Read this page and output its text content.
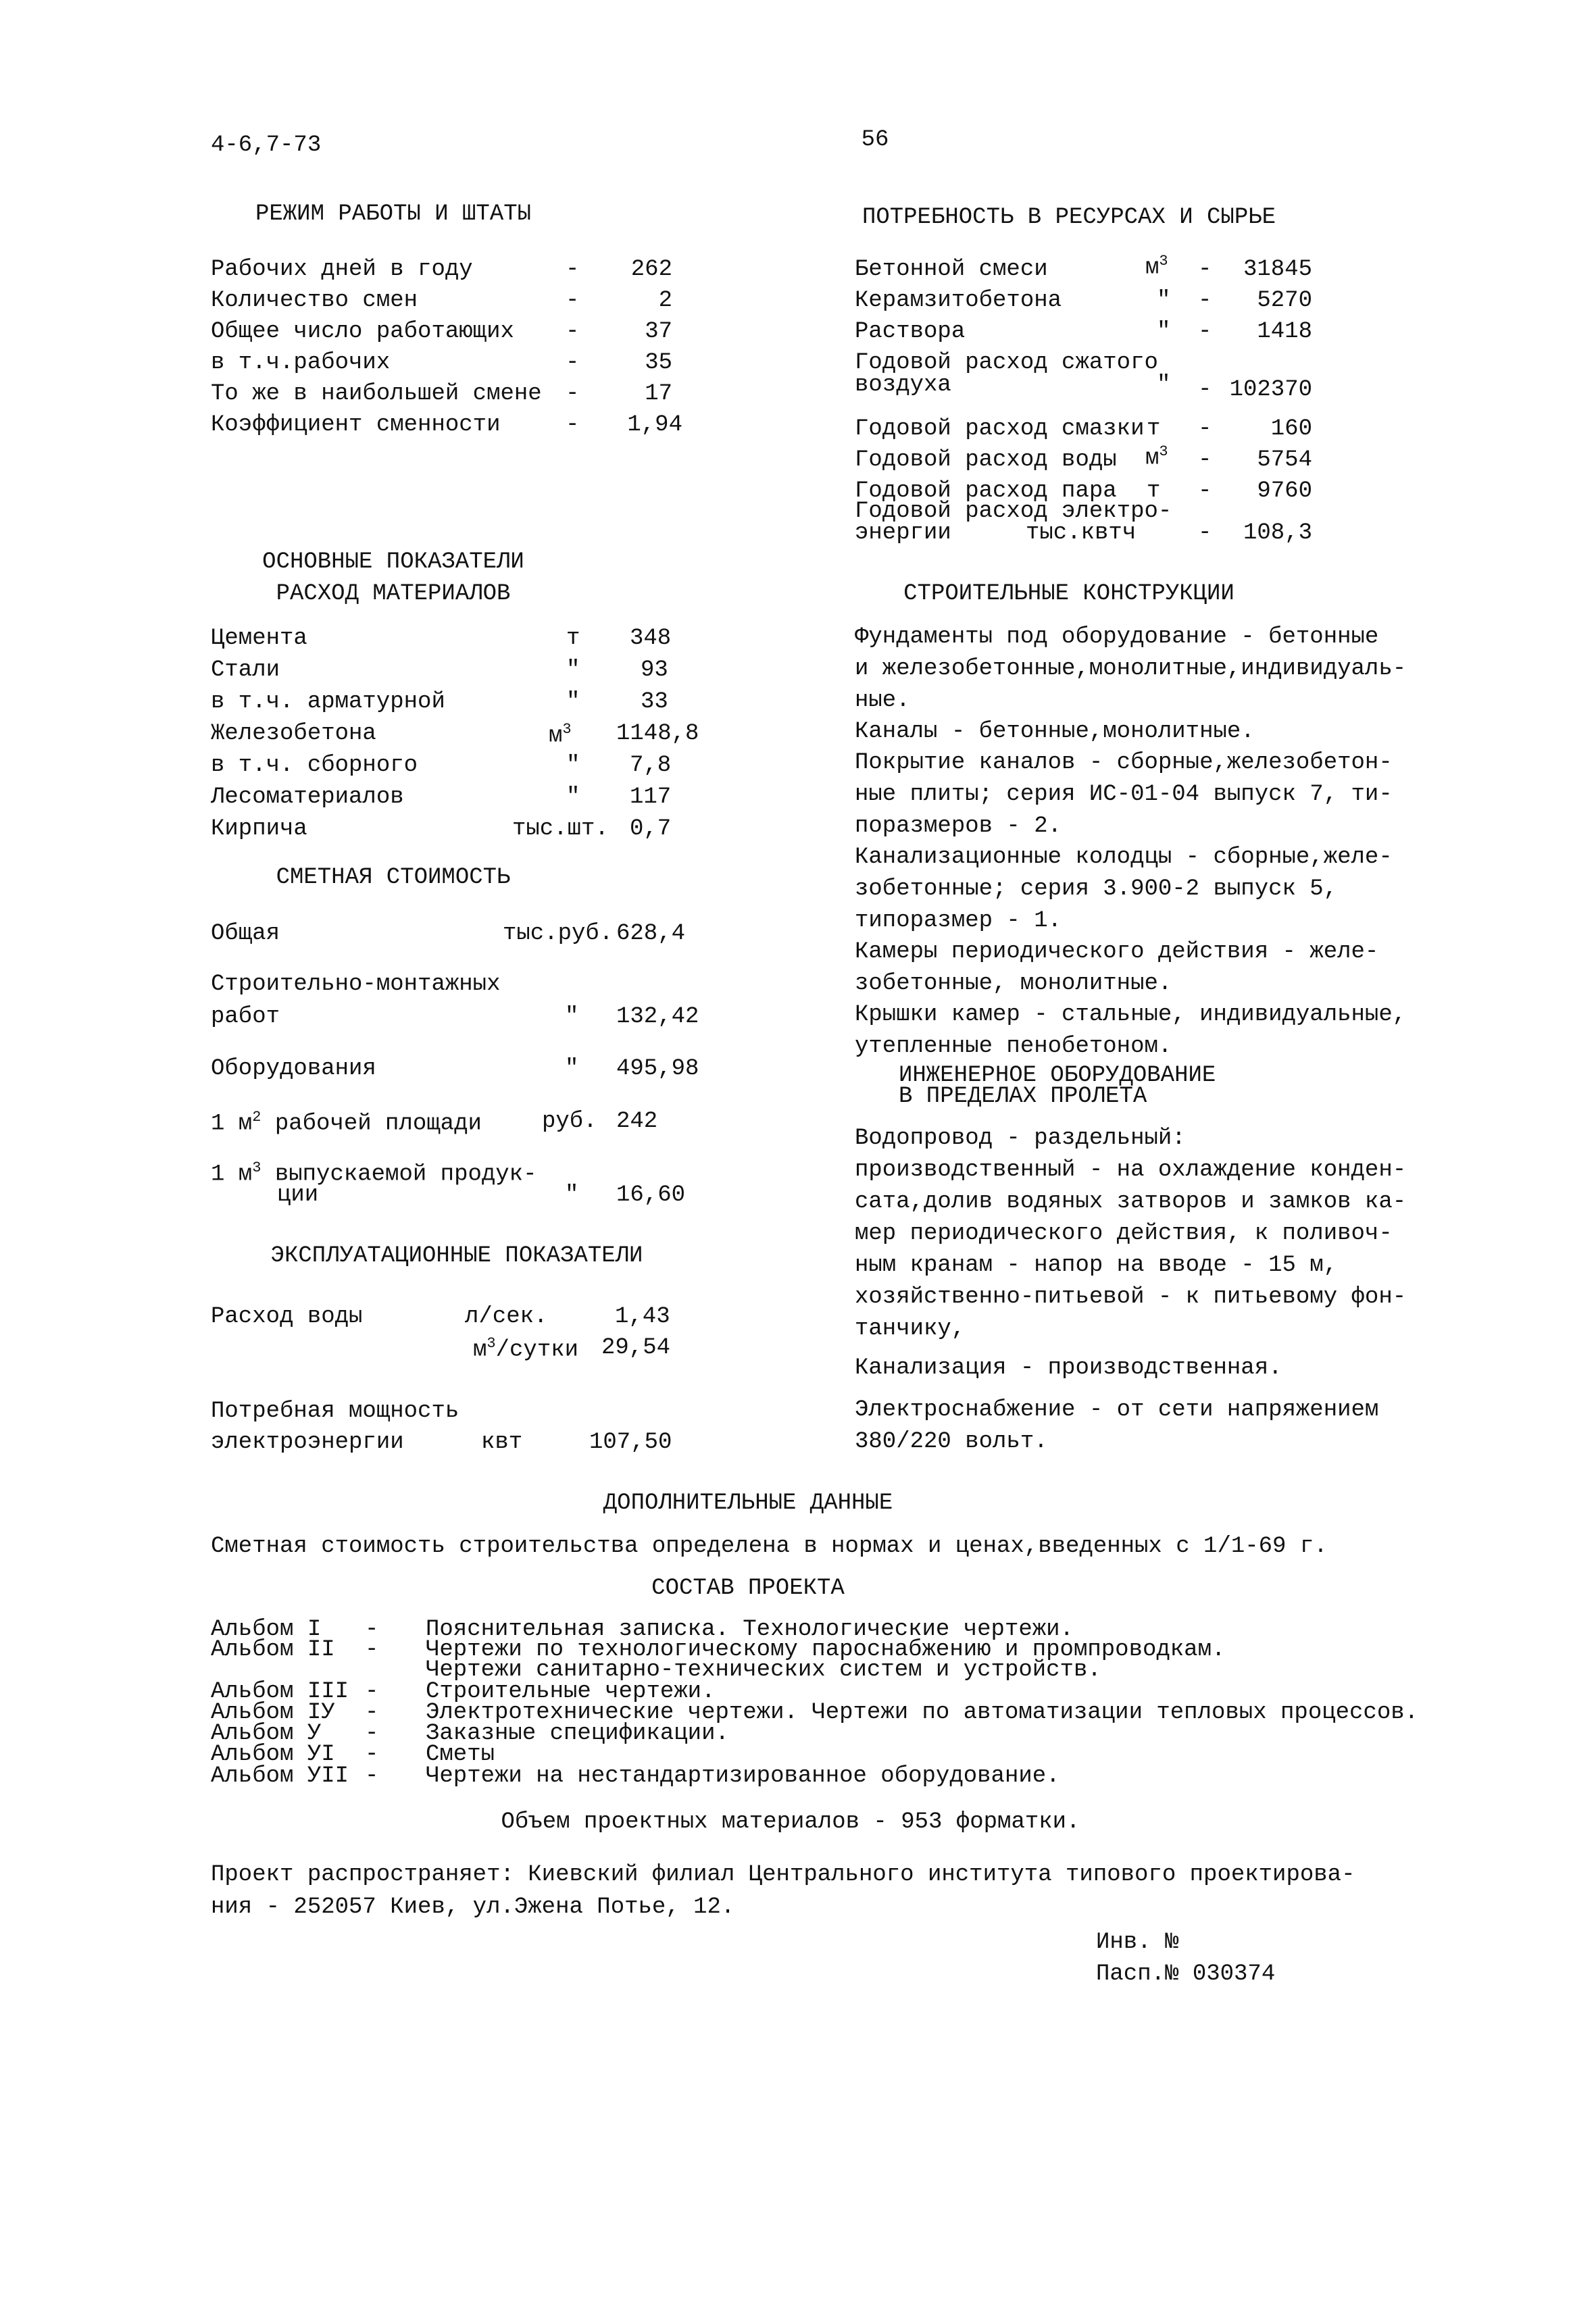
4-6,7-73	56
РЕЖИМ РАБОТЫ И ШТАТЫ
Рабочих дней в году	- 262
Количество смен	-	2
Общее число работающих -	37
в т.ч.рабочих	-	35
То же в наибольшей смене -	17
Коэффициент сменности	- 1,94
ОСНОВНЫЕ ПОКАЗАТЕЛИ
РАСХОД МАТЕРИАЛОВ
Цемента	т 348
Стали	"	93
в т.ч. арматурной	"	33
Железобетона	$м^3$ 1148,8
в т.ч. сборного	" 7,8
Лесоматериалов	" 117
Кирпича	тыс.шт. 0,7
СМЕТНАЯ СТОИМОСТЬ
Общая	тыс.руб. 628,4
Строительно-монтажных
работ	" 132,42
Оборудования	" 495,98
1 $м^2$ рабочей площади	руб. 242
1 $м^3$ выпускаемой продук-
ции	" 16,60
ЭКСПЛУАТАЦИОННЫЕ ПОКАЗАТЕЛИ
Расход воды	л/сек.	1,43
$м^3$/сутки 29,54
Потребная мощность
электроэнергии	квт	107,50
ПОТРЕБНОСТЬ В РЕСУРСАХ И СЫРЬЕ
Бетонной смеси	$м^3 - 31845$
Керамзитобетона	" - 5270
Раствора	" - 1418
Годовой расход сжатого
воздуха	" - 102370
Годовой расход смазки т -	160
Годовой расход воды $м^3 - 5754$
Годовой расход пара т - 9760
Годовой расход электро-
энергии	тыс.квтч	- 108,3
СТРОИТЕЛЬНЫЕ КОНСТРУКЦИИ
Фундаменты под оборудование - бетонные
и железобетонные,монолитные,индивидуаль-
ные.
Каналы - бетонные,монолитные.
Покрытие каналов - сборные,железобетон-
ные плиты; серия ИС-01-04 выпуск 7, ти-
поразмеров - 2.
Канализационные колодцы - сборные,желе-
зобетонные; серия 3.900-2 выпуск 5,
типоразмер - 1.
Камеры периодического действия - желе-
зобетонные, монолитные.
Крышки камер - стальные, индивидуальные,
утепленные пенобетоном.
ИНЖЕНЕРНОЕ ОБОРУДОВАНИЕ
В ПРЕДЕЛАХ ПРОЛЕТА
Водопровод - раздельный:
производственный - на охлаждение конден-
сата,долив водяных затворов и замков ка-
мер периодического действия, к поливоч-
ным кранам - напор на вводе - 15 м,
хозяйственно-питьевой - к питьевому фон-
танчику,
Канализация - производственная.
Электроснабжение - от сети напряжением
380/220 вольт.
ДОПОЛНИТЕЛЬНЫЕ ДАННЫЕ
Сметная стоимость строительства определена в нормах и ценах,введенных с 1/1-69 г.
СОСТАВ ПРОЕКТА
Альбом I - Пояснительная записка. Технологические чертежи.
Альбом II - Чертежи по технологическому пароснабжению и промпроводкам.
Чертежи санитарно-технических систем и устройств.
Альбом III - Строительные чертежи.
Альбом IУ - Электротехнические чертежи. Чертежи по автоматизации тепловых процессов.
Альбом У - Заказные спецификации.
Альбом УI - Сметы
Альбом УII - Чертежи на нестандартизированное оборудование.
Объем проектных материалов - 953 форматки.
Проект распространяет: Киевский филиал Центрального института типового проектирова-
ния - 252057 Киев, ул.Эжена Потье, 12.
Инв. №
Пасп.№ 030374
